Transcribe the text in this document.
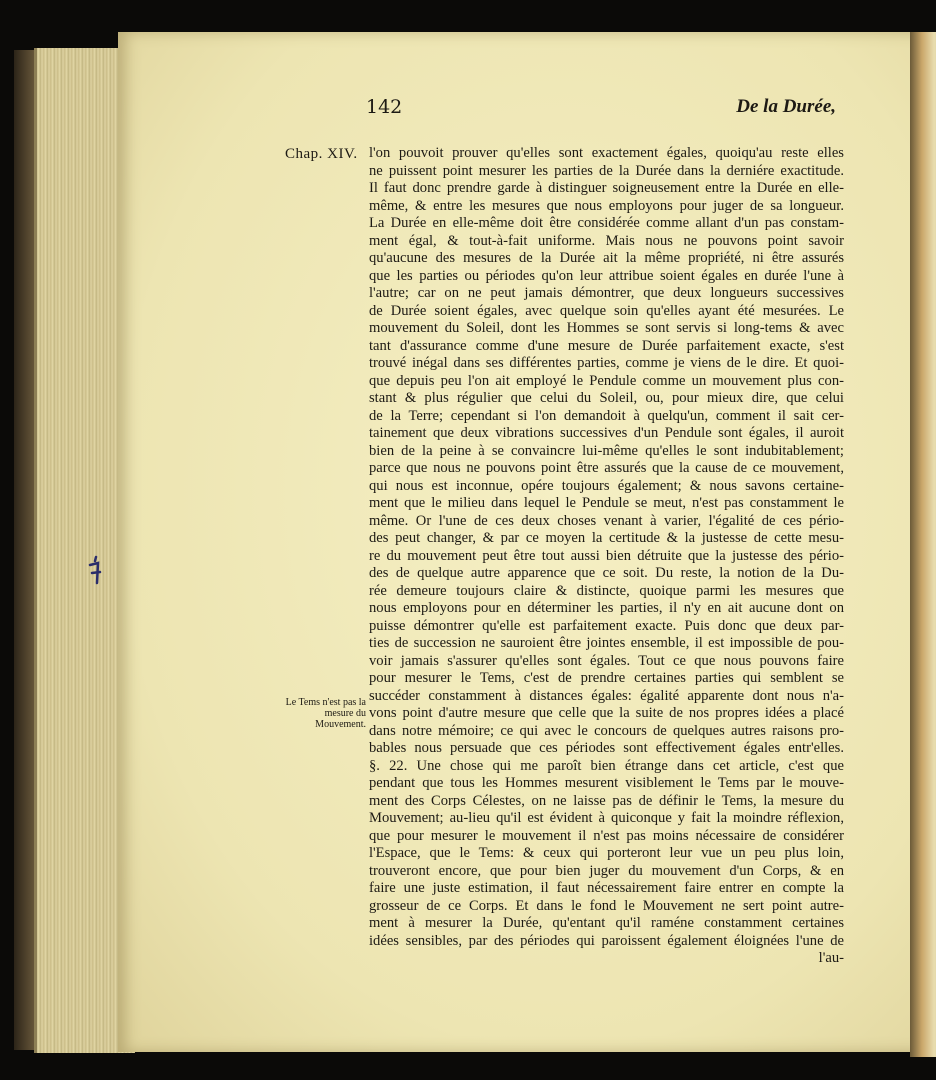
142	De la Durée,
Chap. XIV.
Le Tems n'est pas la mesure du Mouvement.
l'on pouvoit prouver qu'elles sont exactement égales, quoiqu'au reste elles
ne puissent point mesurer les parties de la Durée dans la derniére exactitude.
Il faut donc prendre garde à distinguer soigneusement entre la Durée en elle-
même, & entre les mesures que nous employons pour juger de sa longueur.
La Durée en elle-même doit être considérée comme allant d'un pas constam-
ment égal, & tout-à-fait uniforme. Mais nous ne pouvons point savoir
qu'aucune des mesures de la Durée ait la même propriété, ni être assurés
que les parties ou périodes qu'on leur attribue soient égales en durée l'une à
l'autre; car on ne peut jamais démontrer, que deux longueurs successives
de Durée soient égales, avec quelque soin qu'elles ayant été mesurées. Le
mouvement du Soleil, dont les Hommes se sont servis si long-tems & avec
tant d'assurance comme d'une mesure de Durée parfaitement exacte, s'est
trouvé inégal dans ses différentes parties, comme je viens de le dire. Et quoi-
que depuis peu l'on ait employé le Pendule comme un mouvement plus con-
stant & plus régulier que celui du Soleil, ou, pour mieux dire, que celui
de la Terre; cependant si l'on demandoit à quelqu'un, comment il sait cer-
tainement que deux vibrations successives d'un Pendule sont égales, il auroit
bien de la peine à se convaincre lui-même qu'elles le sont indubitablement;
parce que nous ne pouvons point être assurés que la cause de ce mouvement,
qui nous est inconnue, opére toujours également; & nous savons certaine-
ment que le milieu dans lequel le Pendule se meut, n'est pas constamment le
même. Or l'une de ces deux choses venant à varier, l'égalité de ces pério-
des peut changer, & par ce moyen la certitude & la justesse de cette mesu-
re du mouvement peut être tout aussi bien détruite que la justesse des pério-
des de quelque autre apparence que ce soit. Du reste, la notion de la Du-
rée demeure toujours claire & distincte, quoique parmi les mesures que
nous employons pour en déterminer les parties, il n'y en ait aucune dont on
puisse démontrer qu'elle est parfaitement exacte. Puis donc que deux par-
ties de succession ne sauroient être jointes ensemble, il est impossible de pou-
voir jamais s'assurer qu'elles sont égales. Tout ce que nous pouvons faire
pour mesurer le Tems, c'est de prendre certaines parties qui semblent se
succéder constamment à distances égales: égalité apparente dont nous n'a-
vons point d'autre mesure que celle que la suite de nos propres idées a placé
dans notre mémoire; ce qui avec le concours de quelques autres raisons pro-
bables nous persuade que ces périodes sont effectivement égales entr'elles.
§. 22. Une chose qui me paroît bien étrange dans cet article, c'est que
pendant que tous les Hommes mesurent visiblement le Tems par le mouve-
ment des Corps Célestes, on ne laisse pas de définir le Tems, la mesure du
Mouvement; au-lieu qu'il est évident à quiconque y fait la moindre réflexion,
que pour mesurer le mouvement il n'est pas moins nécessaire de considérer
l'Espace, que le Tems: & ceux qui porteront leur vue un peu plus loin,
trouveront encore, que pour bien juger du mouvement d'un Corps, & en
faire une juste estimation, il faut nécessairement faire entrer en compte la
grosseur de ce Corps. Et dans le fond le Mouvement ne sert point autre-
ment à mesurer la Durée, qu'entant qu'il raméne constamment certaines
idées sensibles, par des périodes qui paroissent également éloignées l'une de
l'au-
